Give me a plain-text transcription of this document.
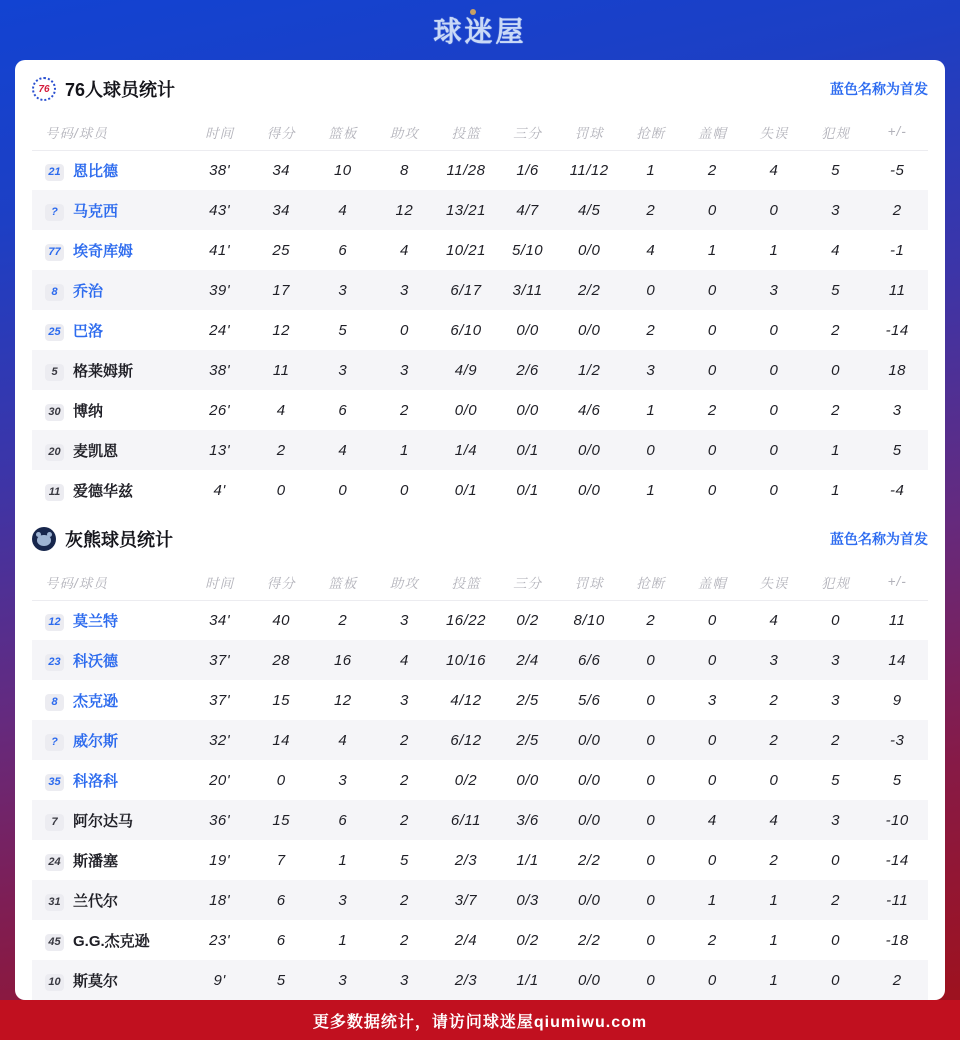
球迷屋
76 76人球员统计	蓝色名称为首发
号码/球员	时间	得分	篮板	助攻	投篮	三分	罚球	抢断	盖帽	失误	犯规	+/-
21 恩比德	38'	34	10	8	11/28	1/6	11/12	1	2	4	5	-5
? 马克西	43'	34	4	12	13/21	4/7	4/5	2	0	0	3	2
77 埃奇库姆	41'	25	6	4	10/21	5/10	0/0	4	1	1	4	-1
8 乔治	39'	17	3	3	6/17	3/11	2/2	0	0	3	5	11
25 巴洛	24'	12	5	0	6/10	0/0	0/0	2	0	0	2	-14
5 格莱姆斯	38'	11	3	3	4/9	2/6	1/2	3	0	0	0	18
30 博纳	26'	4	6	2	0/0	0/0	4/6	1	2	0	2	3
20 麦凯恩	13'	2	4	1	1/4	0/1	0/0	0	0	0	1	5
11 爱德华兹	4'	0	0	0	0/1	0/1	0/0	1	0	0	1	-4
灰熊球员统计	蓝色名称为首发
号码/球员	时间	得分	篮板	助攻	投篮	三分	罚球	抢断	盖帽	失误	犯规	+/-
12 莫兰特	34'	40	2	3	16/22	0/2	8/10	2	0	4	0	11
23 科沃德	37'	28	16	4	10/16	2/4	6/6	0	0	3	3	14
8 杰克逊	37'	15	12	3	4/12	2/5	5/6	0	3	2	3	9
? 威尔斯	32'	14	4	2	6/12	2/5	0/0	0	0	2	2	-3
35 科洛科	20'	0	3	2	0/2	0/0	0/0	0	0	0	5	5
7 阿尔达马	36'	15	6	2	6/11	3/6	0/0	0	4	4	3	-10
24 斯潘塞	19'	7	1	5	2/3	1/1	2/2	0	0	2	0	-14
31 兰代尔	18'	6	3	2	3/7	0/3	0/0	0	1	1	2	-11
45 G.G.杰克逊	23'	6	1	2	2/4	0/2	2/2	0	2	1	0	-18
10 斯莫尔	9'	5	3	3	2/3	1/1	0/0	0	0	1	0	2
更多数据统计，请访问球迷屋qiumiwu.com
